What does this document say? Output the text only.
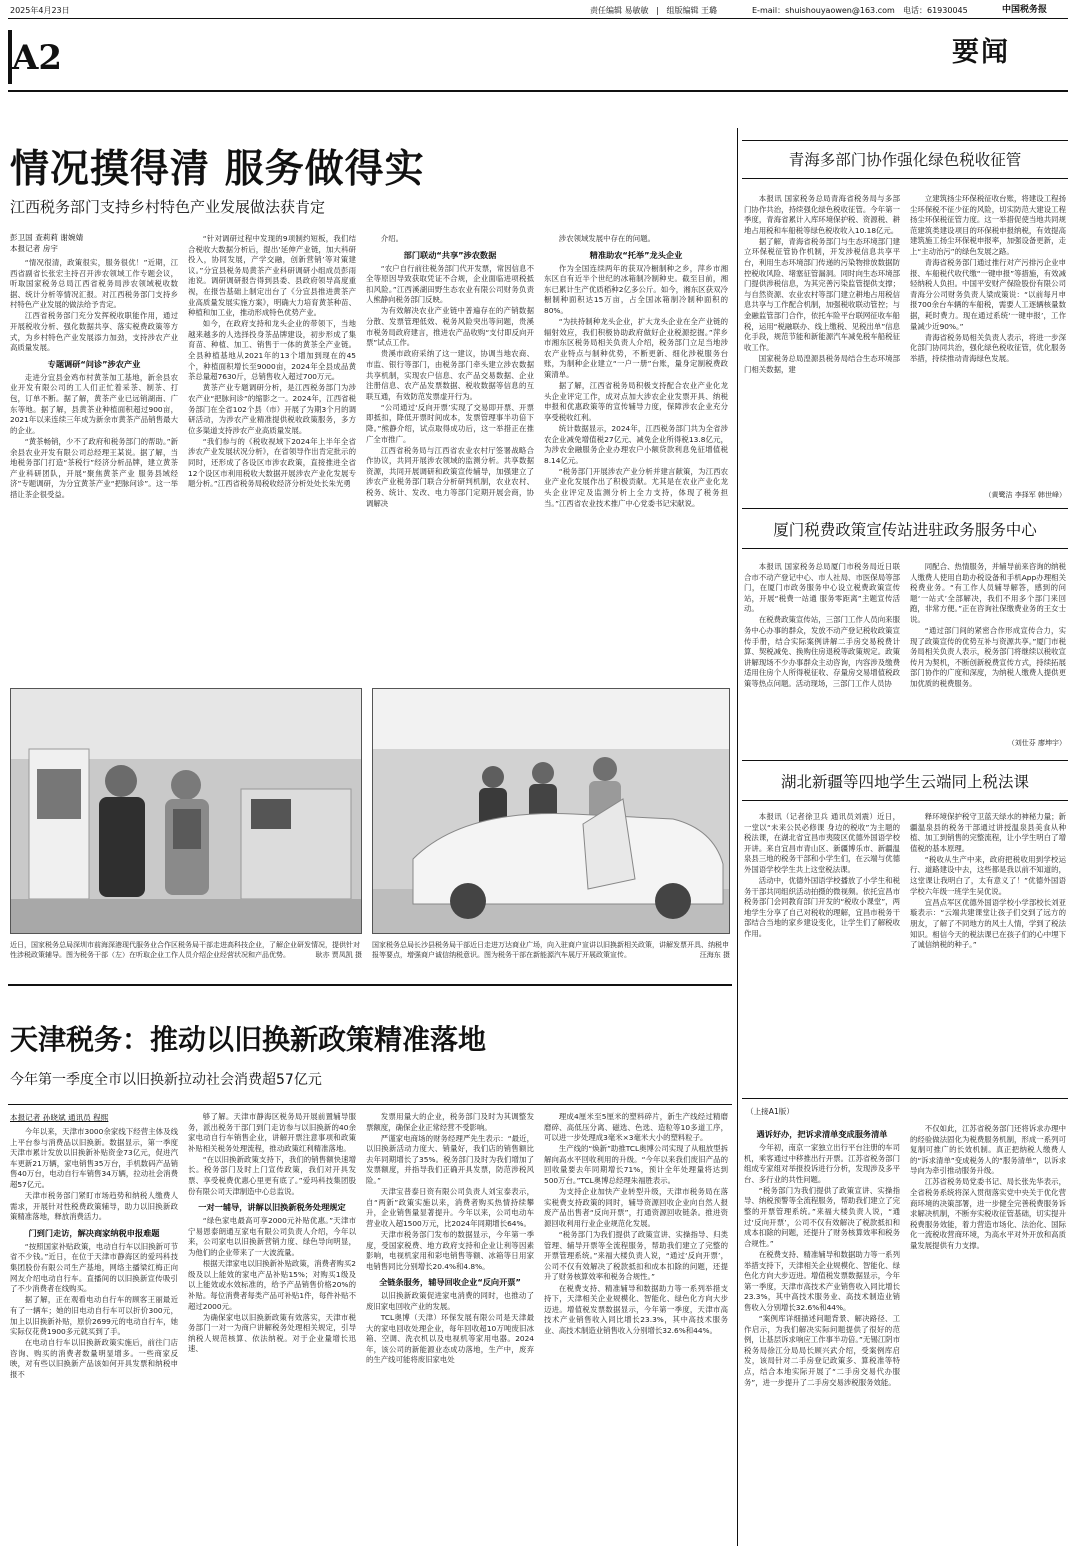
2025年4月23日	责任编辑 易敏敏   |   组版编辑 王璐	E-mail：shuishouyaowen@163.com 电话：61930045	中国税务报
A2	要闻
情况摸得清 服务做得实
江西税务部门支持乡村特色产业发展做法获肯定
彭卫国 查莉莉 谢婉婧
本报记者 房宇

“情况很清，政策很实，服务很优！”近期，江西省副省长张宏主持召开涉农领域工作专题会议，听取国家税务总局江西省税务局涉农领域税收数据、统计分析等情况汇报。对江西税务部门支持乡村特色产业发展的做法给予肯定。

江西省税务部门充分发挥税收职能作用，通过开展税收分析、强化数据共享、落实税费政策等方式，为乡村特色产业发展添力加劲，支持涉农产业高质量发展。

专题调研“问诊”涉农产业

走进分宜县金鸡布村黄茶加工基地，新余县农业开发有限公司的工人们正忙着采茶、制茶、打包，订单不断。据了解，黄茶产业已远销湖南、广东等地。据了解，县黄茶业种植面积超过900亩，2021年以来连续三年成为新余市黄茶产品销售最大的企业。

“黄茶畅销，少不了政府和税务部门的帮助。”新余县农业开发有限公司总经理王某说。据了解，当地税务部门打造“茶税行”经济分析品牌，建立黄茶产业科研团队，开展“聚焦黄茶产业 服务县域经济”专题调研，为分宜黄茶产业“把脉问诊”。这一举措让茶企很受益。

“针对调研过程中发现的9项制约短板，我们结合税收大数据分析后，提出‘延伸产业链，加大科研投入，协同发展，产学交融，创新营销’等对策建议。”分宜县税务局黄茶产业科研调研小组成员彭雨池说。调研调研报告得到县委、县政府领导高度重视，在报告基础上制定出台了《分宜县推进黄茶产业高质量发展实施方案》，明确大力培育黄茶种苗、种植和加工业，推动形成特色优势产业。

如今，在政府支持和龙头企业的带领下，当地越来越多的人选择投身茶品牌建设，初步形成了集育苗、种植、加工、销售于一体的黄茶全产业链。全县种植基地从2021年的13个增加到现在的45个，种植面积增长至9000亩，2024年全县成品黄茶总量超7630斤，总销售收入超过700万元。

黄茶产业专题调研分析，是江西税务部门为涉农产业“把脉问诊”的缩影之一。2024年，江西省税务部门在全省102个县（市）开展了为期3个月的调研活动，为涉农产业精准提供税收政策服务，多方位多渠道支持涉农产业高质量发展。

“我们参与的《税收视域下2024年上半年全省涉农产业发展状况分析》，在省领导作出肯定批示的同时，还形成了各设区市涉农政策，直接推进全省12个设区市利用税收大数据开展涉农产业化发展专题分析。”江西省税务局税收经济分析处处长朱光勇

介绍。

部门联动“共享”涉农数据

“农户自行前往税务部门代开发票，常因信息不全等原因导致获取凭证不合规，企业面临进项税抵扣风险。”江西溪湖田野生态农业有限公司财务负责人熊静向税务部门反映。

为有效解决农业产业链中普遍存在的产销数据分散、发票管理低效、税务风险突出等问题，贵溪市税务局政府建言，推进农产品收购“支付即反向开票”试点工作。

贵溪市政府采纳了这一建议，协调当地农商、市监、银行等部门，由税务部门牵头建立涉农数据共享机制，实现农户信息、农产品交易数据、企业注册信息、农产品发票数据、税收数据等信息的互联互通，有效防范发票虚开行为。

“公司通过‘反向开票’实现了交易即开票、开票即抵扣，降低开票时间成本，发票管理事半功倍下降。”熊静介绍，试点取得成功后，这一举措正在推广全市推广。

江西省税务局与江西省农业农村厅签署战略合作协议，共同开展涉农领域的监测分析。共享数据资源，共同开展调研和政策宣传辅导，加强建立了涉农产业税务部门联合分析研判机制，农业农村、税务、统计、发改、电力等部门定期开展会商，协调解决

涉农领域发展中存在的问题。

精准助农“托举”龙头企业

作为全国连续两年的获双冷橱制种之乡，萍乡市湘东区自有近半个世纪的冰箱制冷制种史。截至目前，湘东已累计生产优质稻种2亿多公斤。如今，湘东区获双冷橱制种面积达15万亩，占全国冰箱制冷制种面积的80%。

“为扶持制种龙头企业，扩大龙头企业在全产业链的辐射效应，我们积极协助政府做好企业税源挖掘。”萍乡市湘东区税务局相关负责人介绍，税务部门立足当地涉农产业特点与制种优势，不断更新、细化涉税服务台账，为制种企业建立“一户一册”台账，量身定制税费政策清单。

据了解，江西省税务局积极支持配合农业产业化龙头企业评定工作，成对点加大涉农企业发票开具、纳税申报和优惠政策等的宣传辅导力度，保障涉农企业充分享受税收红利。

统计数据显示，2024年，江西税务部门共为全省涉农企业减免增值税27亿元、减免企业所得税13.8亿元，为涉农金融服务企业办理农户小额贷款利息免征增值税8.14亿元。

“税务部门开展涉农产业分析并建言献策，为江西农业产业化发展作出了积极贡献。尤其是在农业产业化龙头企业评定及监测分析上全力支持，体现了税务担当。”江西省农业技术推广中心党委书记宋献说。

近日，国家税务总局深圳市前海深港现代服务业合作区税务局干部走进高科技企业，了解企业研发情况，提供针对性涉税政策辅导。图为税务干部（左）在听取企业工作人员介绍企业经营状况和产品优势。	耿亦 贾凤凯 摄
国家税务总局长沙县税务局干部近日走进万达商业广场，向入驻商户宣讲以旧换新相关政策，讲解发票开具、纳税申报等要点，增强商户诚信纳税意识。图为税务干部在新能源汽车展厅开展政策宣传。	汪海东 摄
天津税务：推动以旧换新政策精准落地
今年第一季度全市以旧换新拉动社会消费超57亿元
本报记者 孙晓斌 通讯员 程熙

今年以来，天津市3000余家线下经营主体及线上平台参与消费品以旧换新。数据显示，第一季度天津市累计发放以旧换新补贴资金73亿元，促进汽车更新21万辆，家电销售35万台，手机数码产品销售40万台，电动自行车销售34万辆，拉动社会消费超57亿元。

天津市税务部门紧盯市场趋势和纳税人缴费人需求，开展针对性税费政策辅导，助力以旧换新政策精准落地，释放消费活力。

门到门走访，解决商家纳税申报难题

“按照国家补贴政策，电动自行车以旧换新可节省不少钱。”近日，在位于天津市静海区的爱玛科技集团股份有限公司生产基地，网络主播梁红梅正向网友介绍电动自行车。直播间的以旧换新宣传吸引了不少消费者在线购买。

据了解，正在观看电动自行车的顾客王丽最近有了一辆车；她的旧电动自行车可以折价300元，加上以旧换新补贴，原价2699元的电动自行车，她实际仅花费1900多元就买到了手。

在电动自行车以旧换新政策实施后，前往门店咨询、购买的消费者数量明显增多。一些商家反映，对有些以旧换新产品该如何开具发票和纳税申报不

够了解。天津市静海区税务局开展前置辅导服务，派出税务干部门到门走访参与以旧换新的40余家电动自行车销售企业，讲解开票注意事项和政策补贴相关税务处理流程，推动政策红利精准落地。

“在以旧换新政策支持下，我们的销售额快速增长。税务部门及时上门宣传政策，我们对开具发票、享受税费优惠心里更有底了。”爱玛科技集团股份有限公司天津制造中心总监说。

一对一辅导，讲解以旧换新税务处理规定

“绿色家电最高可享2000元补贴优惠。”天津市宁易恩泰朗通互家电有限公司负责人介绍，今年以来，公司家电以旧换新营销力度、绿色导向明显，为他们的企业带来了一大波流量。

根据天津家电以旧换新补贴政策，消费者购买2级及以上能效的家电产品补贴15%；对购买1级及以上能效或水效标准的，给予产品销售价格20%的补贴。每位消费者每类产品可补贴1件，每件补贴不超过2000元。

为确保家电以旧换新政策有效落实，天津市税务部门一对一为商户讲解税务处理相关规定，引导纳税人规范核算、依法纳税。对于企业量增长迅速、

发票用量大的企业，税务部门及时为其调整发票额度，确保企业正常经营不受影响。

严谨家电商场的财务经理严先生表示：“最近，以旧换新活动力度大、销量好，我们店的销售额比去年同期增长了35%。税务部门及时为我们增加了发票额度，并指导我们正确开具发票，防范涉税风险。”

天津宝普泰日资有限公司负责人刘宝泰表示，自“两新”政策实施以来，消费者购买热情持续攀升，企业销售量显著提升。今年以来，公司电动车营业收入超1500万元，比2024年同期增长64%。

天津市税务部门发布的数据显示，今年第一季度，受国家税费、地方政府支持和企业让利等因素影响，电视机家用和彩电销售等额、冰箱等日用家电销售同比分别增长20.4%和4.8%。

全链条服务，辅导回收企业“反向开票”

以旧换新政策促进家电消费的同时，也推动了废旧家电回收产业的发展。

TCL奥博（天津）环保发展有限公司是天津最大的家电回收处理企业，每年回收超10万吨废旧冰箱、空调、洗衣机以及电视机等家用电器。2024年，该公司的新能源业态成功落地，生产中，废弃的生产线可能将废旧家电处

理成4厘米至5厘米的塑料碎片，新生产线经过精磨磨碎、高低压分离、磁选、色选、造粒等10多道工序，可以进一步处理成3毫米×3毫米大小的塑料粒子。

生产线的“焕新”助推TCL奥博公司实现了从粗放型拆解向高水平回收利用的升级。“今年以来我们废旧产品的回收量要去年同期增长71%，预计全年处理量将达到500万台。”TCL奥博总经理朱福胜表示。

为支持企业加快产业转型升级，天津市税务局在落实税费支持政策的同时，辅导资源回收企业向自然人报废产品出售者“反向开票”，打通资源回收链条。推进资源回收利用行业企业规范化发展。

“税务部门为我们提供了政策宣讲、实操指导、归类管理、辅导开票等全流程服务，帮助我们建立了完整的开票管理系统。”来福大楼负责人说，“通过‘反向开票’，公司不仅有效解决了税款抵扣和成本扣除的问题，还提升了财务核算效率和税务合规性。”

在税费支持、精准辅导和数据助力等一系列举措支持下，天津相关企业规模化、智能化、绿色化方向大步迈进。增值税发票数据显示，今年第一季度，天津市高技术产业销售收入同比增长23.3%，其中高技术服务业、高技术制造业销售收入分别增长32.6%和44%。

青海多部门协作强化绿色税收征管

本报讯 国家税务总局青海省税务局与多部门协作共治，持续强化绿色税收征管。今年第一季度，青海省累计入库环境保护税、资源税、耕地占用税和车船税等绿色税收收入10.18亿元。

据了解，青海省税务部门与生态环境部门建立环保税征管协作机制，开发涉税信息共享平台，利用生态环境部门传递的污染物排放数据防控税收风险、堵塞征管漏洞。同时向生态环境部门提供涉税信息，为其完善污染监管提供支撑；与自然资源、农业农村等部门建立耕地占用税信息共享与工作配合机制，加强税收联动管控；与金融监管部门合作，依托车险平台联网征收车船税，运用“税融联办、线上缴税、见税出单”信息化手段，规范节能和新能源汽车减免税车船税征收工作。

国家税务总局湟源县税务局结合生态环境部门相关数据，建

立建筑扬尘环保税征收台账，将建设工程扬尘环保税不征少征的风险，切实防范大建设工程扬尘环保税征管力度。这一举措促使当地共同规范建筑类建设项目的环保税申报纳税，有效提高建筑施工扬尘环保税申报率，加强设备更新，走上“主动治污”的绿色发展之路。

青海省税务部门通过推行对产污排污企业申报、车船税代收代缴“一键申报”等措施，有效减轻纳税人负担。中国平安财产保险股份有限公司青海分公司财务负责人梁成策说：“以前每月申报700余台车辆的车船税，需要人工逐辆核量数据，耗时费力。现在通过系统‘一键申报’，工作量减少近90%。”

青海省税务局相关负责人表示，将进一步深化部门协同共治，强化绿色税收征管，优化服务举措，持续推动青海绿色发展。

（黄鹭洁 李择军 韩世峰）
厦门税费政策宣传站进驻政务服务中心

本报讯 国家税务总局厦门市税务局近日联合市不动产登记中心、市人社局、市医保局等部门，在厦门市政务服务中心设立税费政策宣传站，开展“税费一站通 服务零距离”主题宣传活动。

在税费政策宣传站，三部门工作人员向来服务中心办事的群众，发放不动产登记税收政策宣传手册，结合实际案例讲解二手房交易税费计算、契税减免、换购住房退税等政策规定。政策讲解现场不少办事群众主动咨询，内容涉及缴费适用住房个人所得税征收、存量房交易增值税政策等热点问题。活动现场，三部门工作人员协

同配合、热情服务，并辅导前来咨询的纳税人缴费人使用自助办税设备和手机App办理相关税费业务。“有工作人员辅导解答，感到的问题‘一站式’全部解决，我们不用多个部门来回跑，非常方便。”正在咨询社保缴费业务的王女士说。

“通过部门间的紧密合作形成宣传合力，实现了政策宣传的优势互补与资源共享。”厦门市税务局相关负责人表示，税务部门将继续以税收宣传月为契机，不断创新税费宣传方式，持续拓展部门协作的广度和深度，为纳税人缴费人提供更加优质的税费服务。

（刘仕芬 廖坤宇）
湖北新疆等四地学生云端同上税法课

本报讯（记者徐卫兵 通讯员刘震）近日，一堂以“未来公民必修课 身边的税收”为主题的税法课，在湖北省宜昌市夷陵区优德外国语学校开讲。来自宜昌市青山区、新疆博乐市、新疆温泉县三地的税务干部和小学生们，在云端与优德外国语学校学生共上这堂税法课。

活动中，优德外国语学校播放了小学生和税务干部共同组织活动拍摄的微视频。依托宜昌市税务部门会同教育部门开发的“税收小课堂”，两地学生分享了自己对税收的理解，宜昌市税务干部结合当地的家乡建设变化，让学生们了解税收作用。

释环境保护税守卫蓝天绿水的神秘力量；新疆温泉县的税务干部通过讲授温泉县美食从种植、加工到销售的完整流程，让小学生明白了增值税的基本原理。

“税收从生产中来，政府把税收用到学校运行、道路建设中去，这些都是我以前不知道的，这堂课让我明白了，太有意义了！”优德外国语学校六年级一班学生吴优说。

宜昌点军区优德外国语学校小学部校长刘亚璇表示：“云端共建课堂让孩子们交到了远方的朋友，了解了不同地方的风土人情，学到了税法知识。相信今天的税法课已在孩子们的心中埋下了诚信纳税的种子。”

（上接A1版）
遇诉好办，把诉求清单变成服务清单

今年初，南京一家独立出行平台注册的车司机，乘客通过中移推出行开票。江苏省税务部门组成专家组对举报投诉进行分析，发现涉及多平台、多行业的共性问题。

“税务部门为我们提供了政策宣讲、实操指导、纳税预警等全流程服务，帮助我们建立了完整的开票管理系统。”来福大楼负责人说，“通过‘反向开票’，公司不仅有效解决了税款抵扣和成本扣除的问题，还提升了财务核算效率和税务合规性。”

在税费支持、精准辅导和数据助力等一系列举措支持下，天津相关企业规模化、智能化、绿色化方向大步迈进。增值税发票数据显示，今年第一季度，天津市高技术产业销售收入同比增长23.3%，其中高技术服务业、高技术制造业销售收入分别增长32.6%和44%。

“案例库详细描述问题背景、解决路径、工作启示，为我们解决实际问题提供了很好的范例，让基层诉求响应工作事半功倍。”无锡江阴市税务局徐江分局局长顾兴武介绍，受案例库启发，该局针对二手房登记政策多、算税准等特点，结合本地实际开展了“二手房交易代办服务”，进一步提升了二手房交易涉税服务效能。

不仅如此，江苏省税务部门还将诉求办理中的经验做法固化为税费服务机制，形成一系列可复制可推广的长效机制。真正把纳税人缴费人的“诉求清单”变成税务人的“服务清单”，以诉求导向为牵引推动服务升级。

江苏省税务局党委书记、局长张先华表示，全省税务系统将深入贯彻落实党中央关于优化营商环境的决策部署，进一步健全完善税费服务诉求解决机制，不断夯实税收征管基础，切实提升税费服务效能，着力营造市场化、法治化、国际化一流税收营商环境，为高水平对外开放和高质量发展提供有力支撑。
